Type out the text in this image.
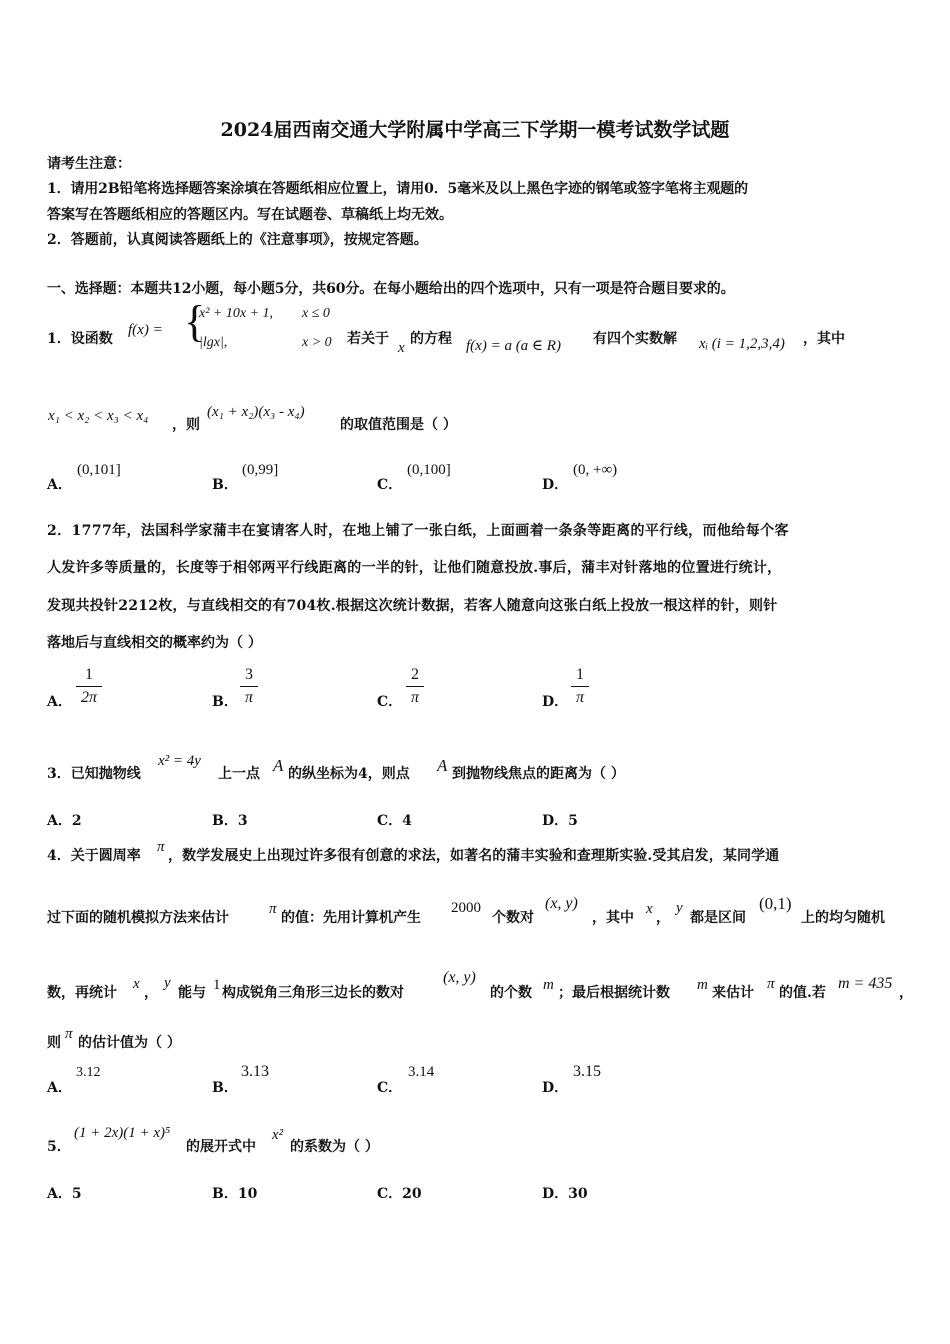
2024届西南交通大学附属中学高三下学期一模考试数学试题
请考生注意：
1．请用2B铅笔将选择题答案涂填在答题纸相应位置上，请用0．5毫米及以上黑色字迹的钢笔或签字笔将主观题的
答案写在答题纸相应的答题区内。写在试题卷、草稿纸上均无效。
2．答题前，认真阅读答题纸上的《注意事项》，按规定答题。
一、选择题：本题共12小题，每小题5分，共60分。在每小题给出的四个选项中，只有一项是符合题目要求的。
1．设函数
f(x) = {
x² + 10x + 1, x ≤ 0
|lgx|,	x > 0 若关于
x
的方程 f(x) = a (a ∈ R) 有四个实数解 xᵢ (i = 1,2,3,4) ，其中
x₁ < x₂ < x₃ < x₄
，则
(x₁ + x₂)(x₃ - x₄)
的取值范围是（ ）
A．
(0,101]
B．
(0,99]
C．
(0,100]
D．
(0, +∞)
2．1777年，法国科学家蒲丰在宴请客人时，在地上铺了一张白纸，上面画着一条条等距离的平行线，而他给每个客
人发许多等质量的，长度等于相邻两平行线距离的一半的针，让他们随意投放.事后，蒲丰对针落地的位置进行统计，
发现共投针2212枚，与直线相交的有704枚.根据这次统计数据，若客人随意向这张白纸上投放一根这样的针，则针
落地后与直线相交的概率约为（ ）
A．
1
2π	B．
3
π	C．
2
π	D．
1
π
3．已知抛物线
x² = 4y
上一点 A 的纵坐标为4，则点 A 到抛物线焦点的距离为（ ）
A．2	B．3	C．4	D．5
4．关于圆周率
π
，数学发展史上出现过许多很有创意的求法，如著名的蒲丰实验和查理斯实验.受其启发，某同学通
过下面的随机模拟方法来估计
π
的值：先用计算机产生
2000
个数对
(x, y)
，其中
x
，
y
都是区间
(0,1)
上的均匀随机
数，再统计
x
，
y
能与 1 构成锐角三角形三边长的数对
(x, y)
的个数 m ；最后根据统计数 m 来估计
π
的值.若
m = 435
，
则
π
的估计值为（ ）
A．
3.12
B．
3.13
C．
3.14
D．
3.15
5．
(1 + 2x)(1 + x)⁵
的展开式中
x²
的系数为（ ）
A．5	B．10	C．20	D．30
